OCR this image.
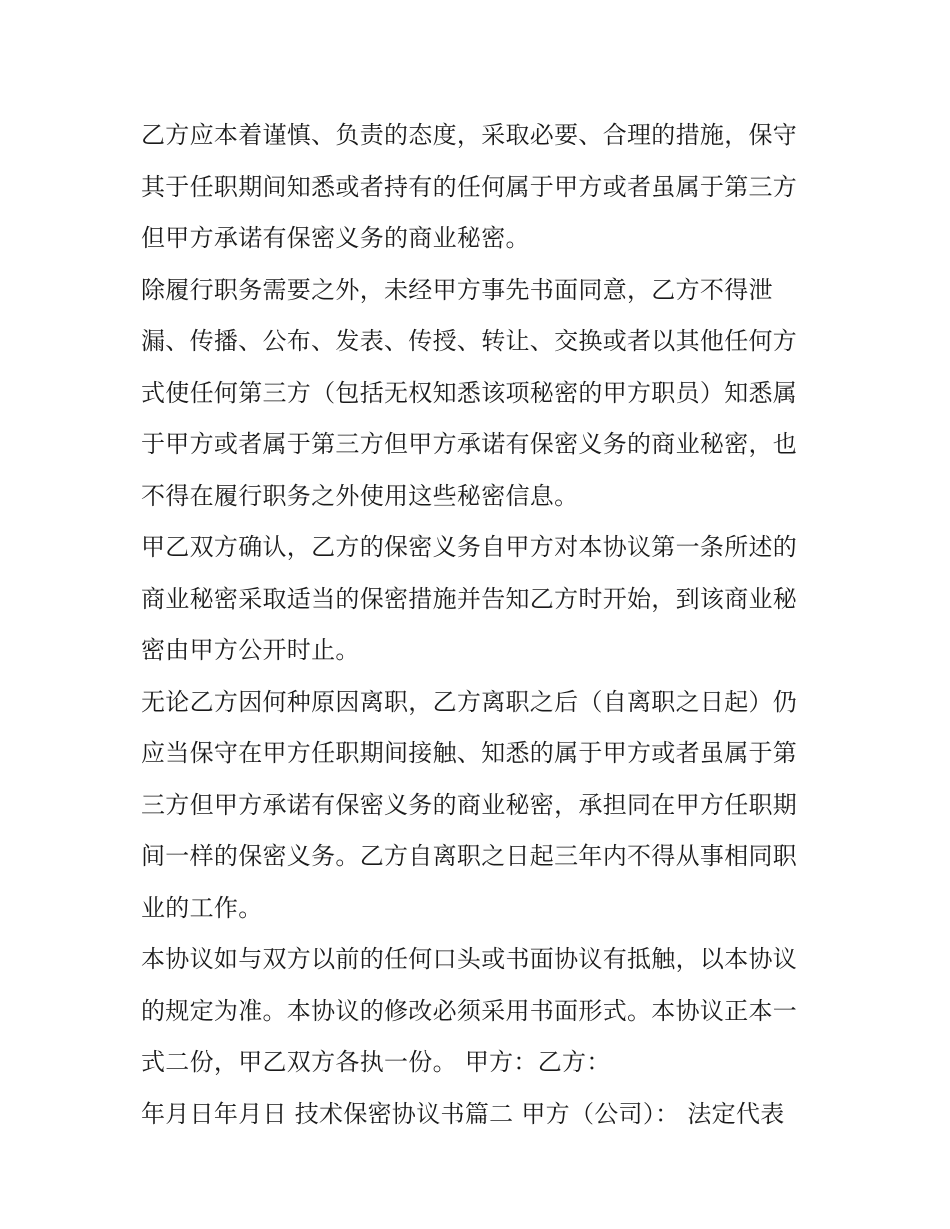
乙方应本着谨慎、负责的态度，采取必要、合理的措施，保守
其于任职期间知悉或者持有的任何属于甲方或者虽属于第三方
但甲方承诺有保密义务的商业秘密。
除履行职务需要之外，未经甲方事先书面同意，乙方不得泄
漏、传播、公布、发表、传授、转让、交换或者以其他任何方
式使任何第三方（包括无权知悉该项秘密的甲方职员）知悉属
于甲方或者属于第三方但甲方承诺有保密义务的商业秘密，也
不得在履行职务之外使用这些秘密信息。
甲乙双方确认，乙方的保密义务自甲方对本协议第一条所述的
商业秘密采取适当的保密措施并告知乙方时开始，到该商业秘
密由甲方公开时止。
无论乙方因何种原因离职，乙方离职之后（自离职之日起）仍
应当保守在甲方任职期间接触、知悉的属于甲方或者虽属于第
三方但甲方承诺有保密义务的商业秘密，承担同在甲方任职期
间一样的保密义务。乙方自离职之日起三年内不得从事相同职
业的工作。
本协议如与双方以前的任何口头或书面协议有抵触，以本协议
的规定为准。本协议的修改必须采用书面形式。本协议正本一
式二份，甲乙双方各执一份。 甲方：乙方：
年月日年月日 技术保密协议书篇二 甲方（公司）： 法定代表
